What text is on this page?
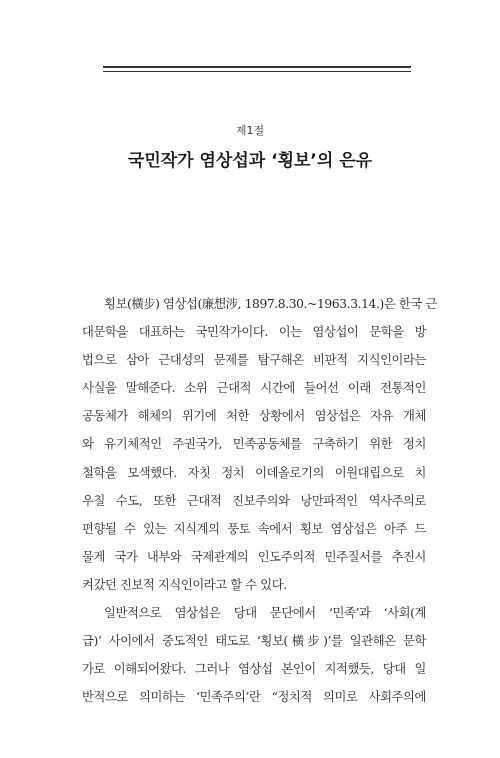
제1절
국민작가 염상섭과 ‘횡보’의 은유
횡보(橫步) 염상섭(廉想涉, 1897.8.30.~1963.3.14.)은 한국 근
대문학을 대표하는 국민작가이다. 이는 염상섭이 문학을 방
법으로 삼아 근대성의 문제를 탐구해온 비판적 지식인이라는
사실을 말해준다. 소위 근대적 시간에 들어선 이래 전통적인
공동체가 해체의 위기에 처한 상황에서 염상섭은 자유 개체
와 유기체적인 주권국가, 민족공동체를 구축하기 위한 정치
철학을 모색했다. 자칫 정치 이데올로기의 이원대립으로 치
우칠 수도, 또한 근대적 진보주의와 낭만파적인 역사주의로
편향될 수 있는 지식계의 풍토 속에서 횡보 염상섭은 아주 드
물게 국가 내부와 국제관계의 인도주의적 민주질서를 추진시
켜갔던 진보적 지식인이라고 할 수 있다.
일반적으로 염상섭은 당대 문단에서 ‘민족’과 ‘사회(계
급)’ 사이에서 중도적인 태도로 ‘횡보(橫步)’를 일관해온 문학
가로 이해되어왔다. 그러나 염상섭 본인이 지적했듯, 당대 일
반적으로 의미하는 ‘민족주의’란 “정치적 의미로 사회주의에
